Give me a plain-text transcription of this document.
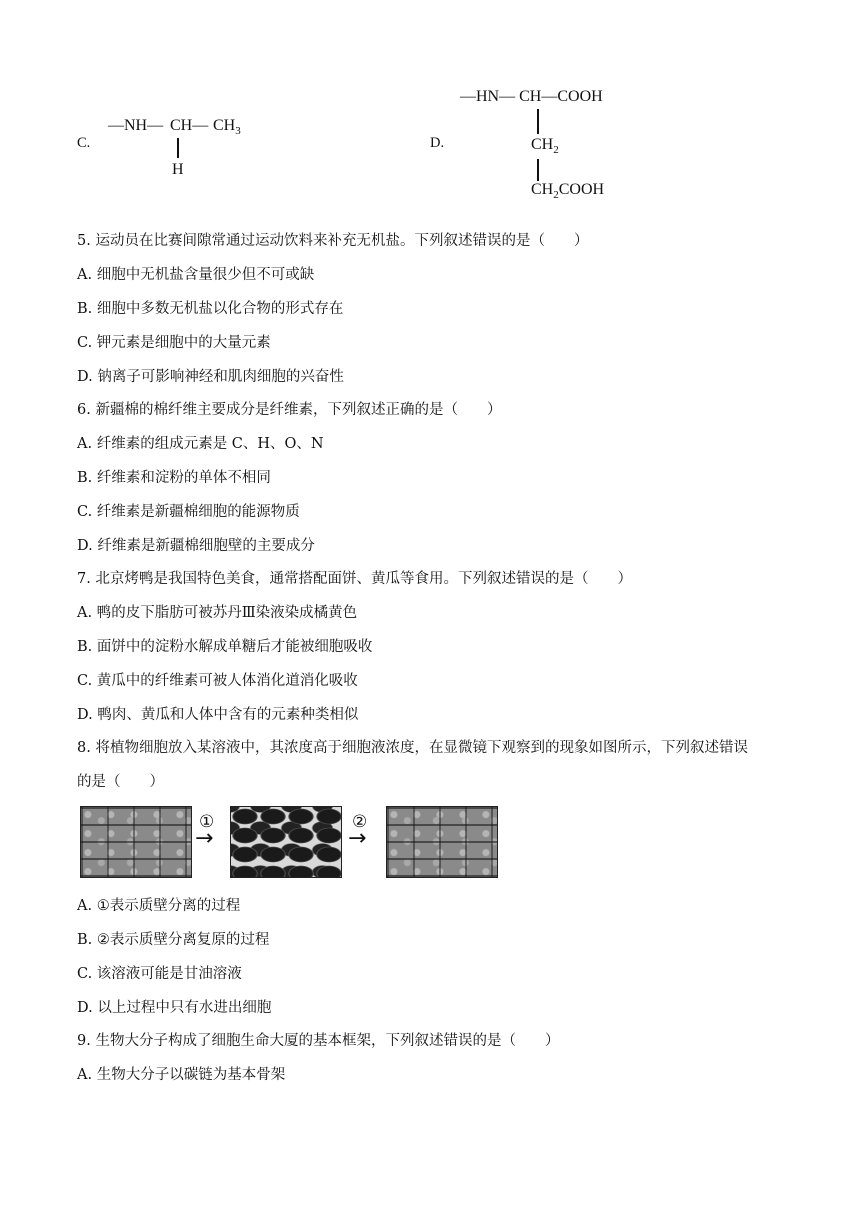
C.
—NH— CH— $CH_3$
H
D.
—HN— CH—COOH
$CH_2$
$CH_2COOH$
5. 运动员在比赛间隙常通过运动饮料来补充无机盐。下列叙述错误的是（　　）
A. 细胞中无机盐含量很少但不可或缺
B. 细胞中多数无机盐以化合物的形式存在
C. 钾元素是细胞中的大量元素
D. 钠离子可影响神经和肌肉细胞的兴奋性
6. 新疆棉的棉纤维主要成分是纤维素，下列叙述正确的是（　　）
A. 纤维素的组成元素是 C、H、O、N
B. 纤维素和淀粉的单体不相同
C. 纤维素是新疆棉细胞的能源物质
D. 纤维素是新疆棉细胞壁的主要成分
7. 北京烤鸭是我国特色美食，通常搭配面饼、黄瓜等食用。下列叙述错误的是（　　）
A. 鸭的皮下脂肪可被苏丹Ⅲ染液染成橘黄色
B. 面饼中的淀粉水解成单糖后才能被细胞吸收
C. 黄瓜中的纤维素可被人体消化道消化吸收
D. 鸭肉、黄瓜和人体中含有的元素种类相似
8. 将植物细胞放入某溶液中，其浓度高于细胞液浓度，在显微镜下观察到的现象如图所示，下列叙述错误
的是（　　）
①
→
②
→
A. ①表示质壁分离的过程
B. ②表示质壁分离复原的过程
C. 该溶液可能是甘油溶液
D. 以上过程中只有水进出细胞
9. 生物大分子构成了细胞生命大厦的基本框架，下列叙述错误的是（　　）
A. 生物大分子以碳链为基本骨架
